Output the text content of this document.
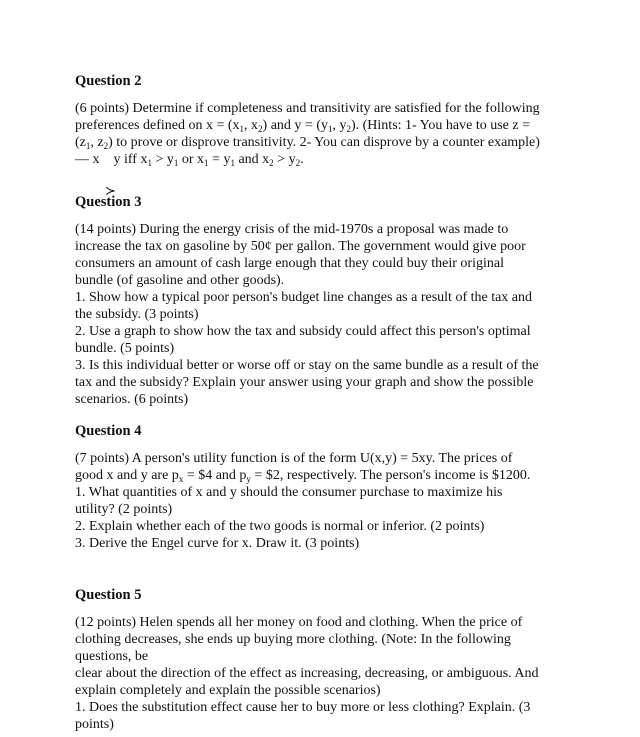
Question 2

(6 points) Determine if completeness and transitivity are satisfied for the following

preferences defined on $x = (x_1$, $x_2$) and $y = (y_1$, $y_2$). (Hints: 1- You have to use z =

($z_1$, $z_2$) to prove or disprove transitivity. 2- You can disprove by a counter example)

— x y iff $x_1 > y_1$ or $x_1 = y_1$ and $x_2 > y_2$.

≻

Question 3

(14 points) During the energy crisis of the mid-1970s a proposal was made to

increase the tax on gasoline by 50¢ per gallon. The government would give poor

consumers an amount of cash large enough that they could buy their original

bundle (of gasoline and other goods).

1. Show how a typical poor person's budget line changes as a result of the tax and

the subsidy. (3 points)

2. Use a graph to show how the tax and subsidy could affect this person's optimal

bundle. (5 points)

3. Is this individual better or worse off or stay on the same bundle as a result of the

tax and the subsidy? Explain your answer using your graph and show the possible

scenarios. (6 points)

Question 4

(7 points) A person's utility function is of the form U(x,y) = 5xy. The prices of

good x and y are $p_x$ = $4 and $p_y$ = $2, respectively. The person's income is $1200.

1. What quantities of x and y should the consumer purchase to maximize his

utility? (2 points)

2. Explain whether each of the two goods is normal or inferior. (2 points)

3. Derive the Engel curve for x. Draw it. (3 points)

Question 5

(12 points) Helen spends all her money on food and clothing. When the price of

clothing decreases, she ends up buying more clothing. (Note: In the following

questions, be

clear about the direction of the effect as increasing, decreasing, or ambiguous. And

explain completely and explain the possible scenarios)

1. Does the substitution effect cause her to buy more or less clothing? Explain. (3

points)
